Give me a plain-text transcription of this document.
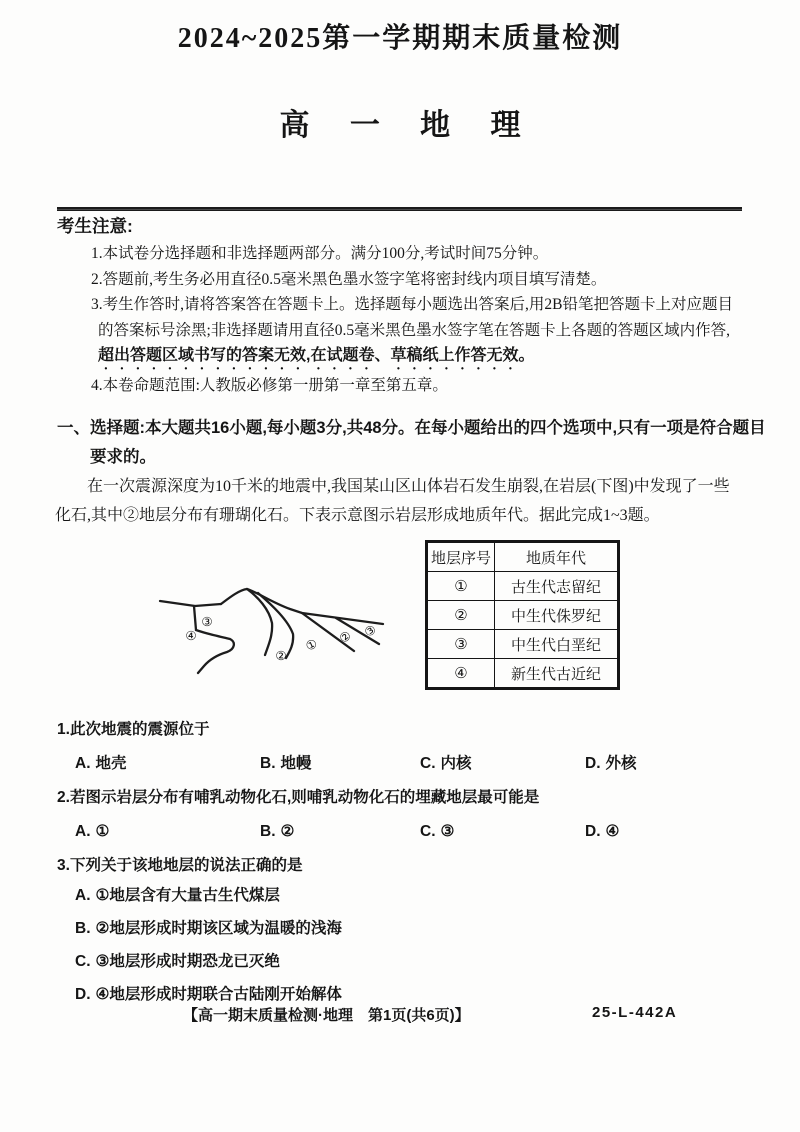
2024~2025第一学期期末质量检测
高 一 地 理
考生注意:
1.本试卷分选择题和非选择题两部分。满分100分,考试时间75分钟。
2.答题前,考生务必用直径0.5毫米黑色墨水签字笔将密封线内项目填写清楚。
3.考生作答时,请将答案答在答题卡上。选择题每小题选出答案后,用2B铅笔把答题卡上对应题目的答案标号涂黑;非选择题请用直径0.5毫米黑色墨水签字笔在答题卡上各题的答题区域内作答,超出答题区域书写的答案无效,在试题卷、草稿纸上作答无效。
4.本卷命题范围:人教版必修第一册第一章至第五章。
一、选择题:本大题共16小题,每小题3分,共48分。在每小题给出的四个选项中,只有一项是符合题目要求的。
在一次震源深度为10千米的地震中,我国某山区山体岩石发生崩裂,在岩层(下图)中发现了一些化石,其中②地层分布有珊瑚化石。下表示意图示岩层形成地质年代。据此完成1~3题。
③
④
②
① ② ③
地层序号	地质年代
①	古生代志留纪
②	中生代侏罗纪
③	中生代白垩纪
④	新生代古近纪
1.此次地震的震源位于
A. 地壳	B. 地幔	C. 内核	D. 外核
2.若图示岩层分布有哺乳动物化石,则哺乳动物化石的埋藏地层最可能是
A. ①	B. ②	C. ③	D. ④
3.下列关于该地地层的说法正确的是
A. ①地层含有大量古生代煤层
B. ②地层形成时期该区域为温暖的浅海
C. ③地层形成时期恐龙已灭绝
D. ④地层形成时期联合古陆刚开始解体
【高一期末质量检测·地理　第1页(共6页)】	25-L-442A
